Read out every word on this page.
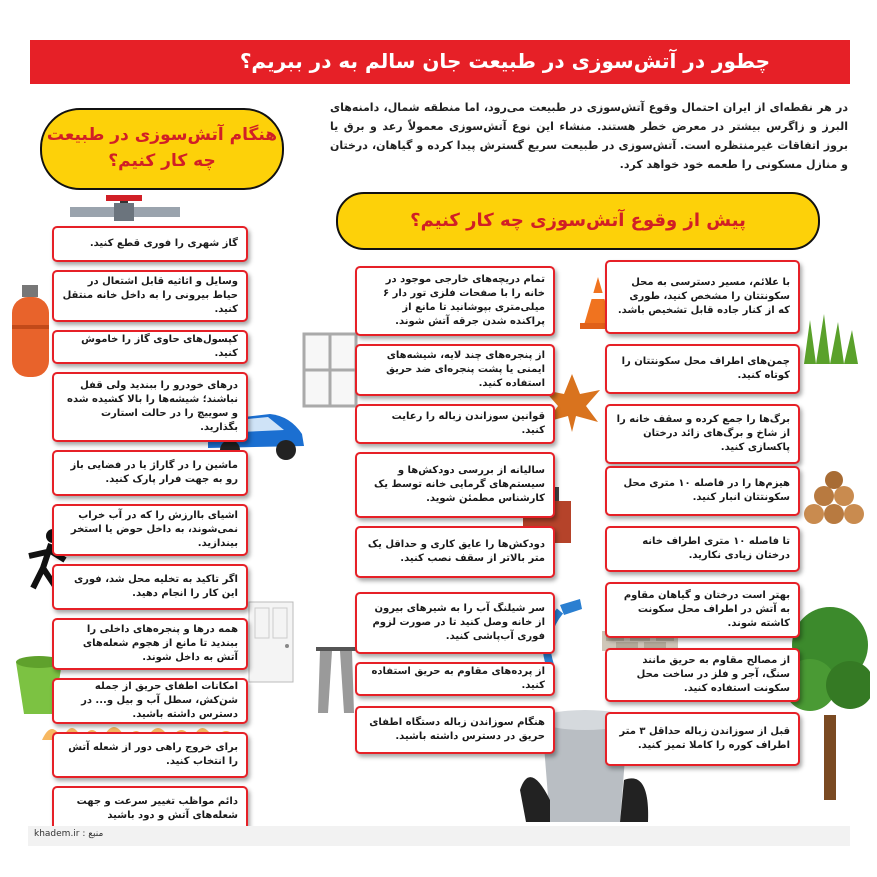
چطور در آتش‌سوزی در طبیعت جان سالم به در ببریم؟
در هر نقطه‌ای از ایران احتمال وقوع آتش‌سوزی در طبیعت می‌رود، اما منطقه شمال، دامنه‌های البرز و زاگرس بیشتر در معرض خطر هستند. منشاء این نوع آتش‌سوزی معمولاً رعد و برق یا بروز اتفاقات غیرمنتظره است. آتش‌سوزی در طبیعت سریع گسترش پیدا کرده و گیاهان، درختان و منازل مسکونی را طعمه خود خواهد کرد.
هنگام آتش‌سوزی در طبیعت چه کار کنیم؟
پیش از وقوع آتش‌سوزی چه کار کنیم؟
گاز شهری را فوری قطع کنید.
وسایل و اثاثیه قابل اشتعال در حیاط بیرونی را به داخل خانه منتقل کنید.
کپسول‌های حاوی گاز را خاموش کنید.
درهای خودرو را ببندید ولی قفل نباشند؛ شیشه‌ها را بالا کشیده شده و سوییچ را در حالت استارت بگذارید.
ماشین را در گاراژ یا در فضایی باز رو به جهت فرار پارک کنید.
اشیای باارزش را که در آب خراب نمی‌شوند، به داخل حوض یا استخر بیندازید.
اگر تاکید به تخلیه محل شد، فوری این کار را انجام دهید.
همه درها و پنجره‌های داخلی را ببندید تا مانع از هجوم شعله‌های آتش به داخل شوند.
امکانات اطفای حریق از جمله شن‌کش، سطل آب و بیل و... در دسترس داشته باشید.
برای خروج راهی دور از شعله آتش را انتخاب کنید.
دائم مواظب تغییر سرعت و جهت شعله‌های آتش و دود باشید
تمام دریچه‌های خارجی موجود در خانه را با صفحات فلزی تور دار ۶ میلی‌متری بپوشانید تا مانع از پراکنده شدن جرقه آتش شوند.
از پنجره‌های چند لایه، شیشه‌های ایمنی یا پشت پنجره‌ای ضد حریق استفاده کنید.
قوانین سوزاندن زباله را رعایت کنید.
سالیانه از بررسی دودکش‌ها و سیستم‌های گرمایی خانه توسط یک کارشناس مطمئن شوید.
دودکش‌ها را عایق کاری و حداقل یک متر بالاتر از سقف نصب کنید.
سر شیلنگ آب را به شیرهای بیرون از خانه وصل کنید تا در صورت لزوم فوری آب‌پاشی کنید.
از پرده‌های مقاوم به حریق استفاده کنید.
هنگام سوزاندن زباله دستگاه اطفای حریق در دسترس داشته باشید.
با علائم، مسیر دسترسی به محل سکونتتان را مشخص کنید، طوری که از کنار جاده قابل تشخیص باشد.
چمن‌های اطراف محل سکونتتان را کوتاه کنید.
برگ‌ها را جمع کرده و سقف خانه را از شاخ و برگ‌های زائد درختان پاکسازی کنید.
هیزم‌ها را در فاصله ۱۰ متری محل سکونتتان انبار کنید.
تا فاصله ۱۰ متری اطراف خانه درختان زیادی نکارید.
بهتر است درختان و گیاهان مقاوم به آتش در اطراف محل سکونت کاشته شوند.
از مصالح مقاوم به حریق مانند سنگ، آجر و فلز در ساخت محل سکونت استفاده کنید.
قبل از سوزاندن زباله حداقل ۳ متر اطراف کوره را کاملا تمیز کنید.
khadem.ir : منبع
